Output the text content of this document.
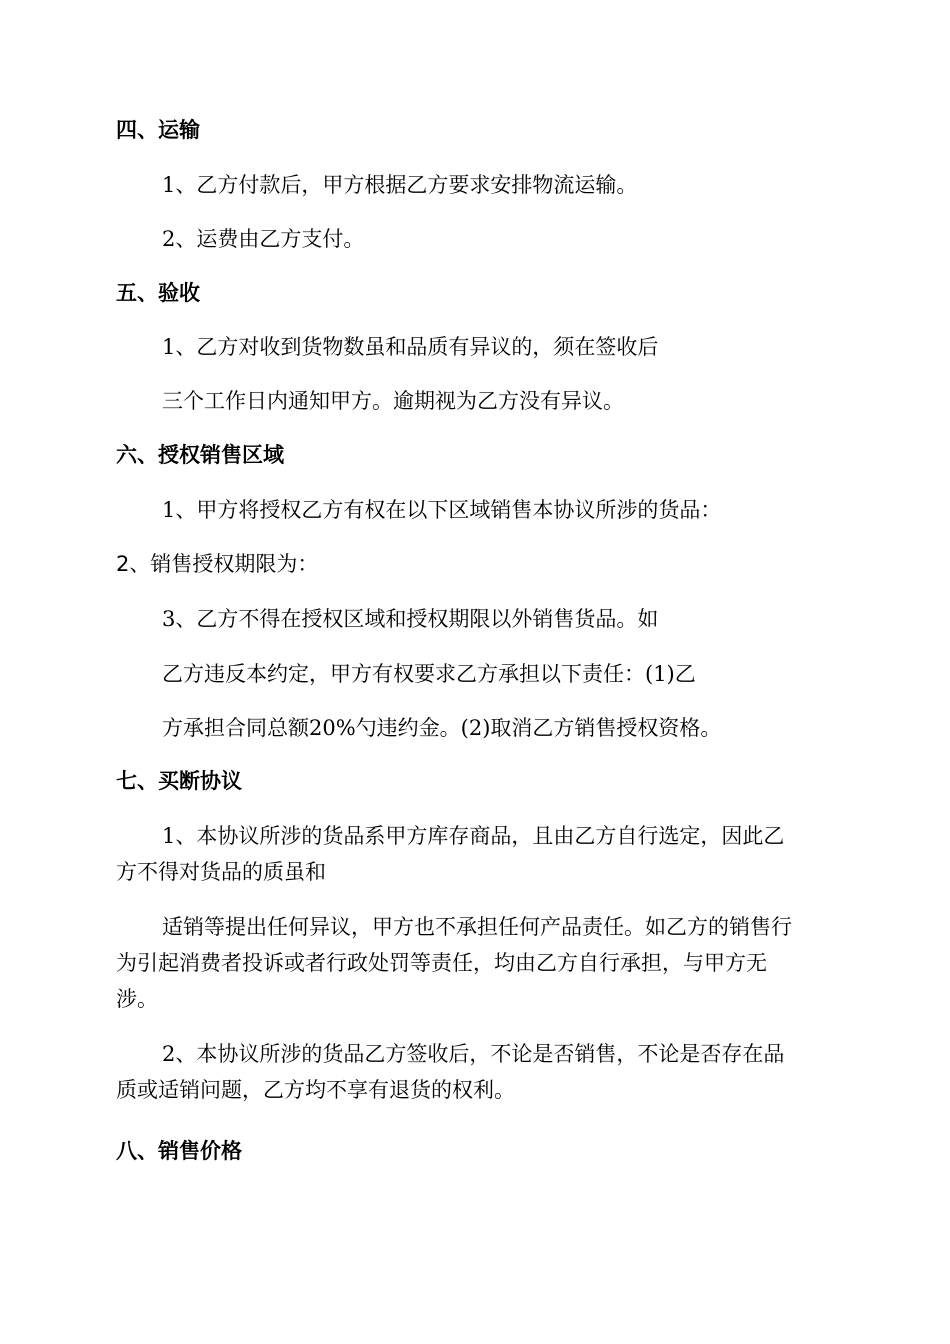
四、运输
1、乙方付款后，甲方根据乙方要求安排物流运输。
2、运费由乙方支付。
五、验收
1、乙方对收到货物数虽和品质有异议的，须在签收后
三个工作日内通知甲方。逾期视为乙方没有异议。
六、授权销售区域
1、甲方将授权乙方有权在以下区域销售本协议所涉的货品：
2、销售授权期限为：
3、乙方不得在授权区域和授权期限以外销售货品。如
乙方违反本约定，甲方有权要求乙方承担以下责任：(1)乙
方承担合同总额20%勺违约金。(2)取消乙方销售授权资格。
七、买断协议
1、本协议所涉的货品系甲方库存商品，且由乙方自行选定，因此乙
方不得对货品的质虽和
适销等提出任何异议，甲方也不承担任何产品责任。如乙方的销售行
为引起消费者投诉或者行政处罚等责任，均由乙方自行承担，与甲方无
涉。
2、本协议所涉的货品乙方签收后，不论是否销售，不论是否存在品
质或适销问题，乙方均不享有退货的权利。
八、销售价格
